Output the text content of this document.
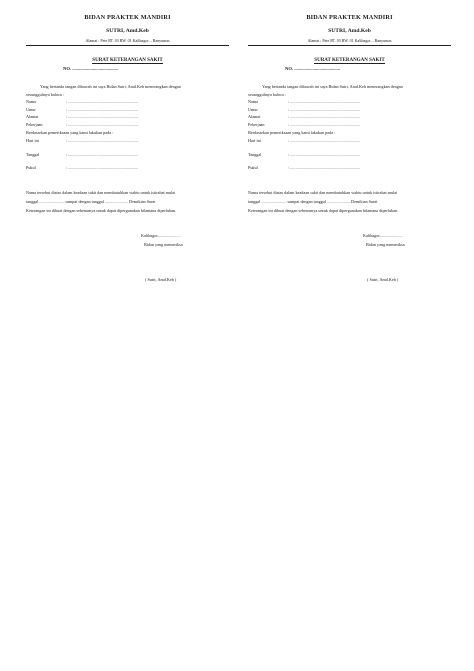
BIDAN PRAKTEK MANDIRI
SUTRI, Amd.Keb
Alamat : Pete RT. 03 RW. 01 Kalibagor – Banyumas
SURAT KETERANGAN SAKIT
NO. ........................................

Yang bertanda tangan dibawah ini saya Bidan Sutri, Amd.Keb menerangkan dengan

sesungguhnya bahwa :

Nama	: ...................................................................
Umur	: ...................................................................
Alamat	: ...................................................................
Pekerjaan	: ...................................................................
Berdasarkan pemeriksaan yang kami lakukan pada :
Hari ini	: ...................................................................
Tanggal	: ...................................................................
Pukul	: ...................................................................
Nama tersebut diatas dalam keadaan sakit dan membutuhkan waktu untuk istirahat mulai
tanggal ........................ sampai dengan tanggal ...................... Demikian Surat
Keterangan ini dibuat dengan sebenarnya untuk dapat dipergunakan bilamana diperlukan.
Kalibagor,.....................
Bidan yang memeriksa
( Sutri, Amd.Keb )
BIDAN PRAKTEK MANDIRI
SUTRI, Amd.Keb
Alamat : Pete RT. 03 RW. 01 Kalibagor – Banyumas
SURAT KETERANGAN SAKIT
NO. ........................................

Yang bertanda tangan dibawah ini saya Bidan Sutri, Amd.Keb menerangkan dengan

sesungguhnya bahwa :

Nama	: ...................................................................
Umur	: ...................................................................
Alamat	: ...................................................................
Pekerjaan	: ...................................................................
Berdasarkan pemeriksaan yang kami lakukan pada :
Hari ini	: ...................................................................
Tanggal	: ...................................................................
Pukul	: ...................................................................
Nama tersebut diatas dalam keadaan sakit dan membutuhkan waktu untuk istirahat mulai
tanggal ........................ sampai dengan tanggal ...................... Demikian Surat
Keterangan ini dibuat dengan sebenarnya untuk dapat dipergunakan bilamana diperlukan.
Kalibagor,.....................
Bidan yang memeriksa
( Sutri, Amd.Keb )
